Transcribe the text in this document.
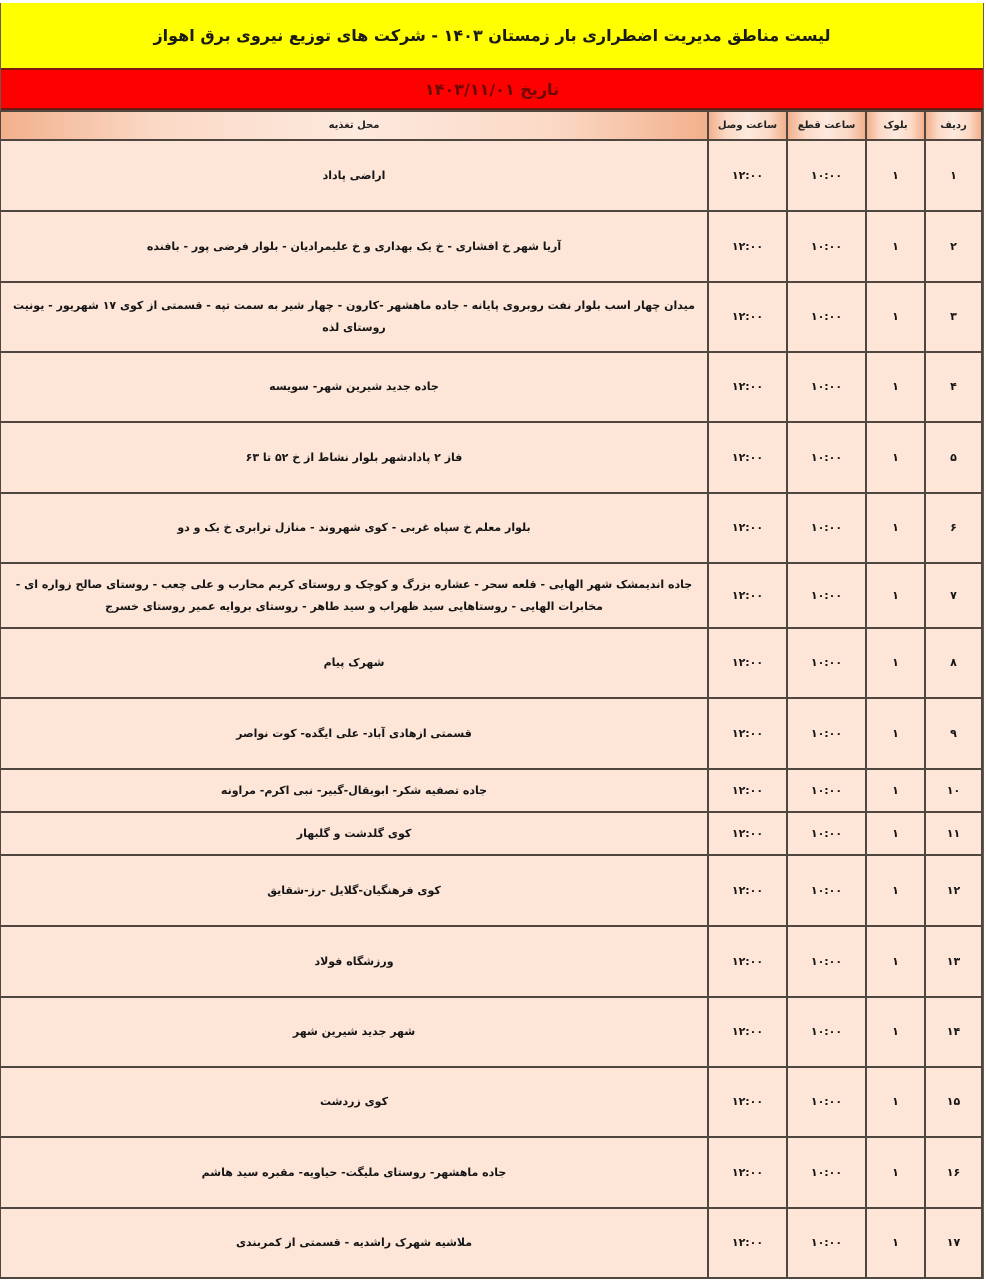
لیست مناطق مدیریت اضطراری بار زمستان ۱۴۰۳ - شرکت های توزیع نیروی برق اهواز
تاریخ ۱۴۰۳/۱۱/۰۱
ردیف	بلوک	ساعت قطع	ساعت وصل	محل تغذیه
۱	۱	۱۰:۰۰	۱۲:۰۰	اراضی پاداد
۲	۱	۱۰:۰۰	۱۲:۰۰	آریا شهر خ افشاری - خ یک بهداری و خ علیمرادیان - بلوار فرضی پور - بافنده
۳	۱	۱۰:۰۰	۱۲:۰۰	میدان چهار اسب بلوار نفت روبروی پایانه - جاده ماهشهر -کارون - چهار شیر به سمت تپه - قسمتی از کوی ۱۷ شهریور - یونیت روستای لذه
۴	۱	۱۰:۰۰	۱۲:۰۰	جاده جدید شیرین شهر- سویسه
۵	۱	۱۰:۰۰	۱۲:۰۰	فاز ۲ پادادشهر بلوار نشاط از خ ۵۲ تا ۶۳
۶	۱	۱۰:۰۰	۱۲:۰۰	بلوار معلم خ سپاه غربی - کوی شهروند - منازل ترابری خ یک و دو
۷	۱	۱۰:۰۰	۱۲:۰۰	جاده اندیمشک شهر الهایی - قلعه سحر - عشاره بزرگ و کوچک و روستای کریم محارب و علی چعب - روستای صالح زواره ای - مخابرات الهایی - روستاهایی سید ظهراب و سید طاهر - روستای بروایه عمیر روستای خسرج
۸	۱	۱۰:۰۰	۱۲:۰۰	شهرک پیام
۹	۱	۱۰:۰۰	۱۲:۰۰	قسمتی ازهادی آباد- علی ایگده- کوت نواصر
۱۰	۱	۱۰:۰۰	۱۲:۰۰	جاده تصفیه شکر- ابوبقال-گبیر- نبی اکرم- مراونه
۱۱	۱	۱۰:۰۰	۱۲:۰۰	کوی گلدشت و گلبهار
۱۲	۱	۱۰:۰۰	۱۲:۰۰	کوی فرهنگیان-گلایل -رز-شقایق
۱۳	۱	۱۰:۰۰	۱۲:۰۰	ورزشگاه فولاد
۱۴	۱	۱۰:۰۰	۱۲:۰۰	شهر جدید شیرین شهر
۱۵	۱	۱۰:۰۰	۱۲:۰۰	کوی زردشت
۱۶	۱	۱۰:۰۰	۱۲:۰۰	جاده ماهشهر- روستای ملیگت- حیاویه- مقبره سید هاشم
۱۷	۱	۱۰:۰۰	۱۲:۰۰	ملاشیه شهرک راشدیه - قسمتی از کمربندی
